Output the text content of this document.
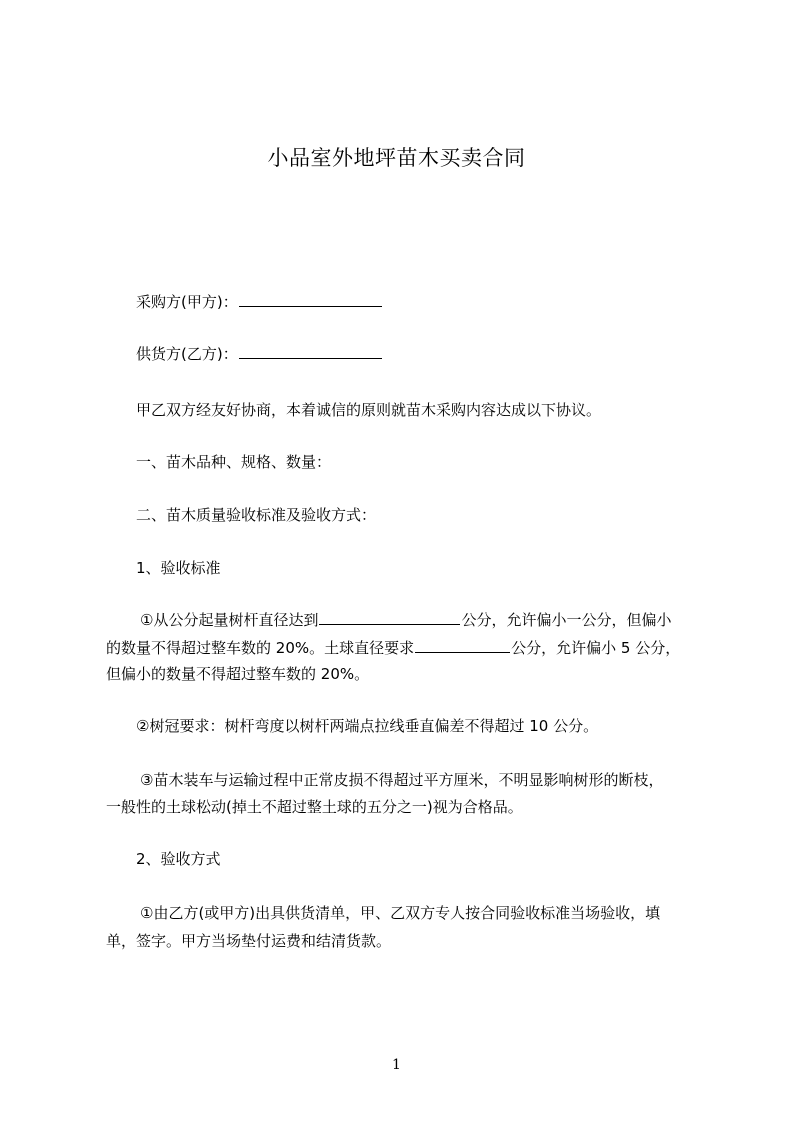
小品室外地坪苗木买卖合同
采购方(甲方)：
供货方(乙方)：
甲乙双方经友好协商，本着诚信的原则就苗木采购内容达成以下协议。
一、苗木品种、规格、数量：
二、苗木质量验收标准及验收方式：
1、验收标准
①从公分起量树杆直径达到	公分，允许偏小一公分，但偏小
的数量不得超过整车数的 20%。土球直径要求	公分，允许偏小 5 公分，
但偏小的数量不得超过整车数的 20%。
②树冠要求：树杆弯度以树杆两端点拉线垂直偏差不得超过 10 公分。
③苗木装车与运输过程中正常皮损不得超过平方厘米，不明显影响树形的断枝，
一般性的土球松动(掉土不超过整土球的五分之一)视为合格品。
2、验收方式
①由乙方(或甲方)出具供货清单，甲、乙双方专人按合同验收标准当场验收，填
单，签字。甲方当场垫付运费和结清货款。
1
